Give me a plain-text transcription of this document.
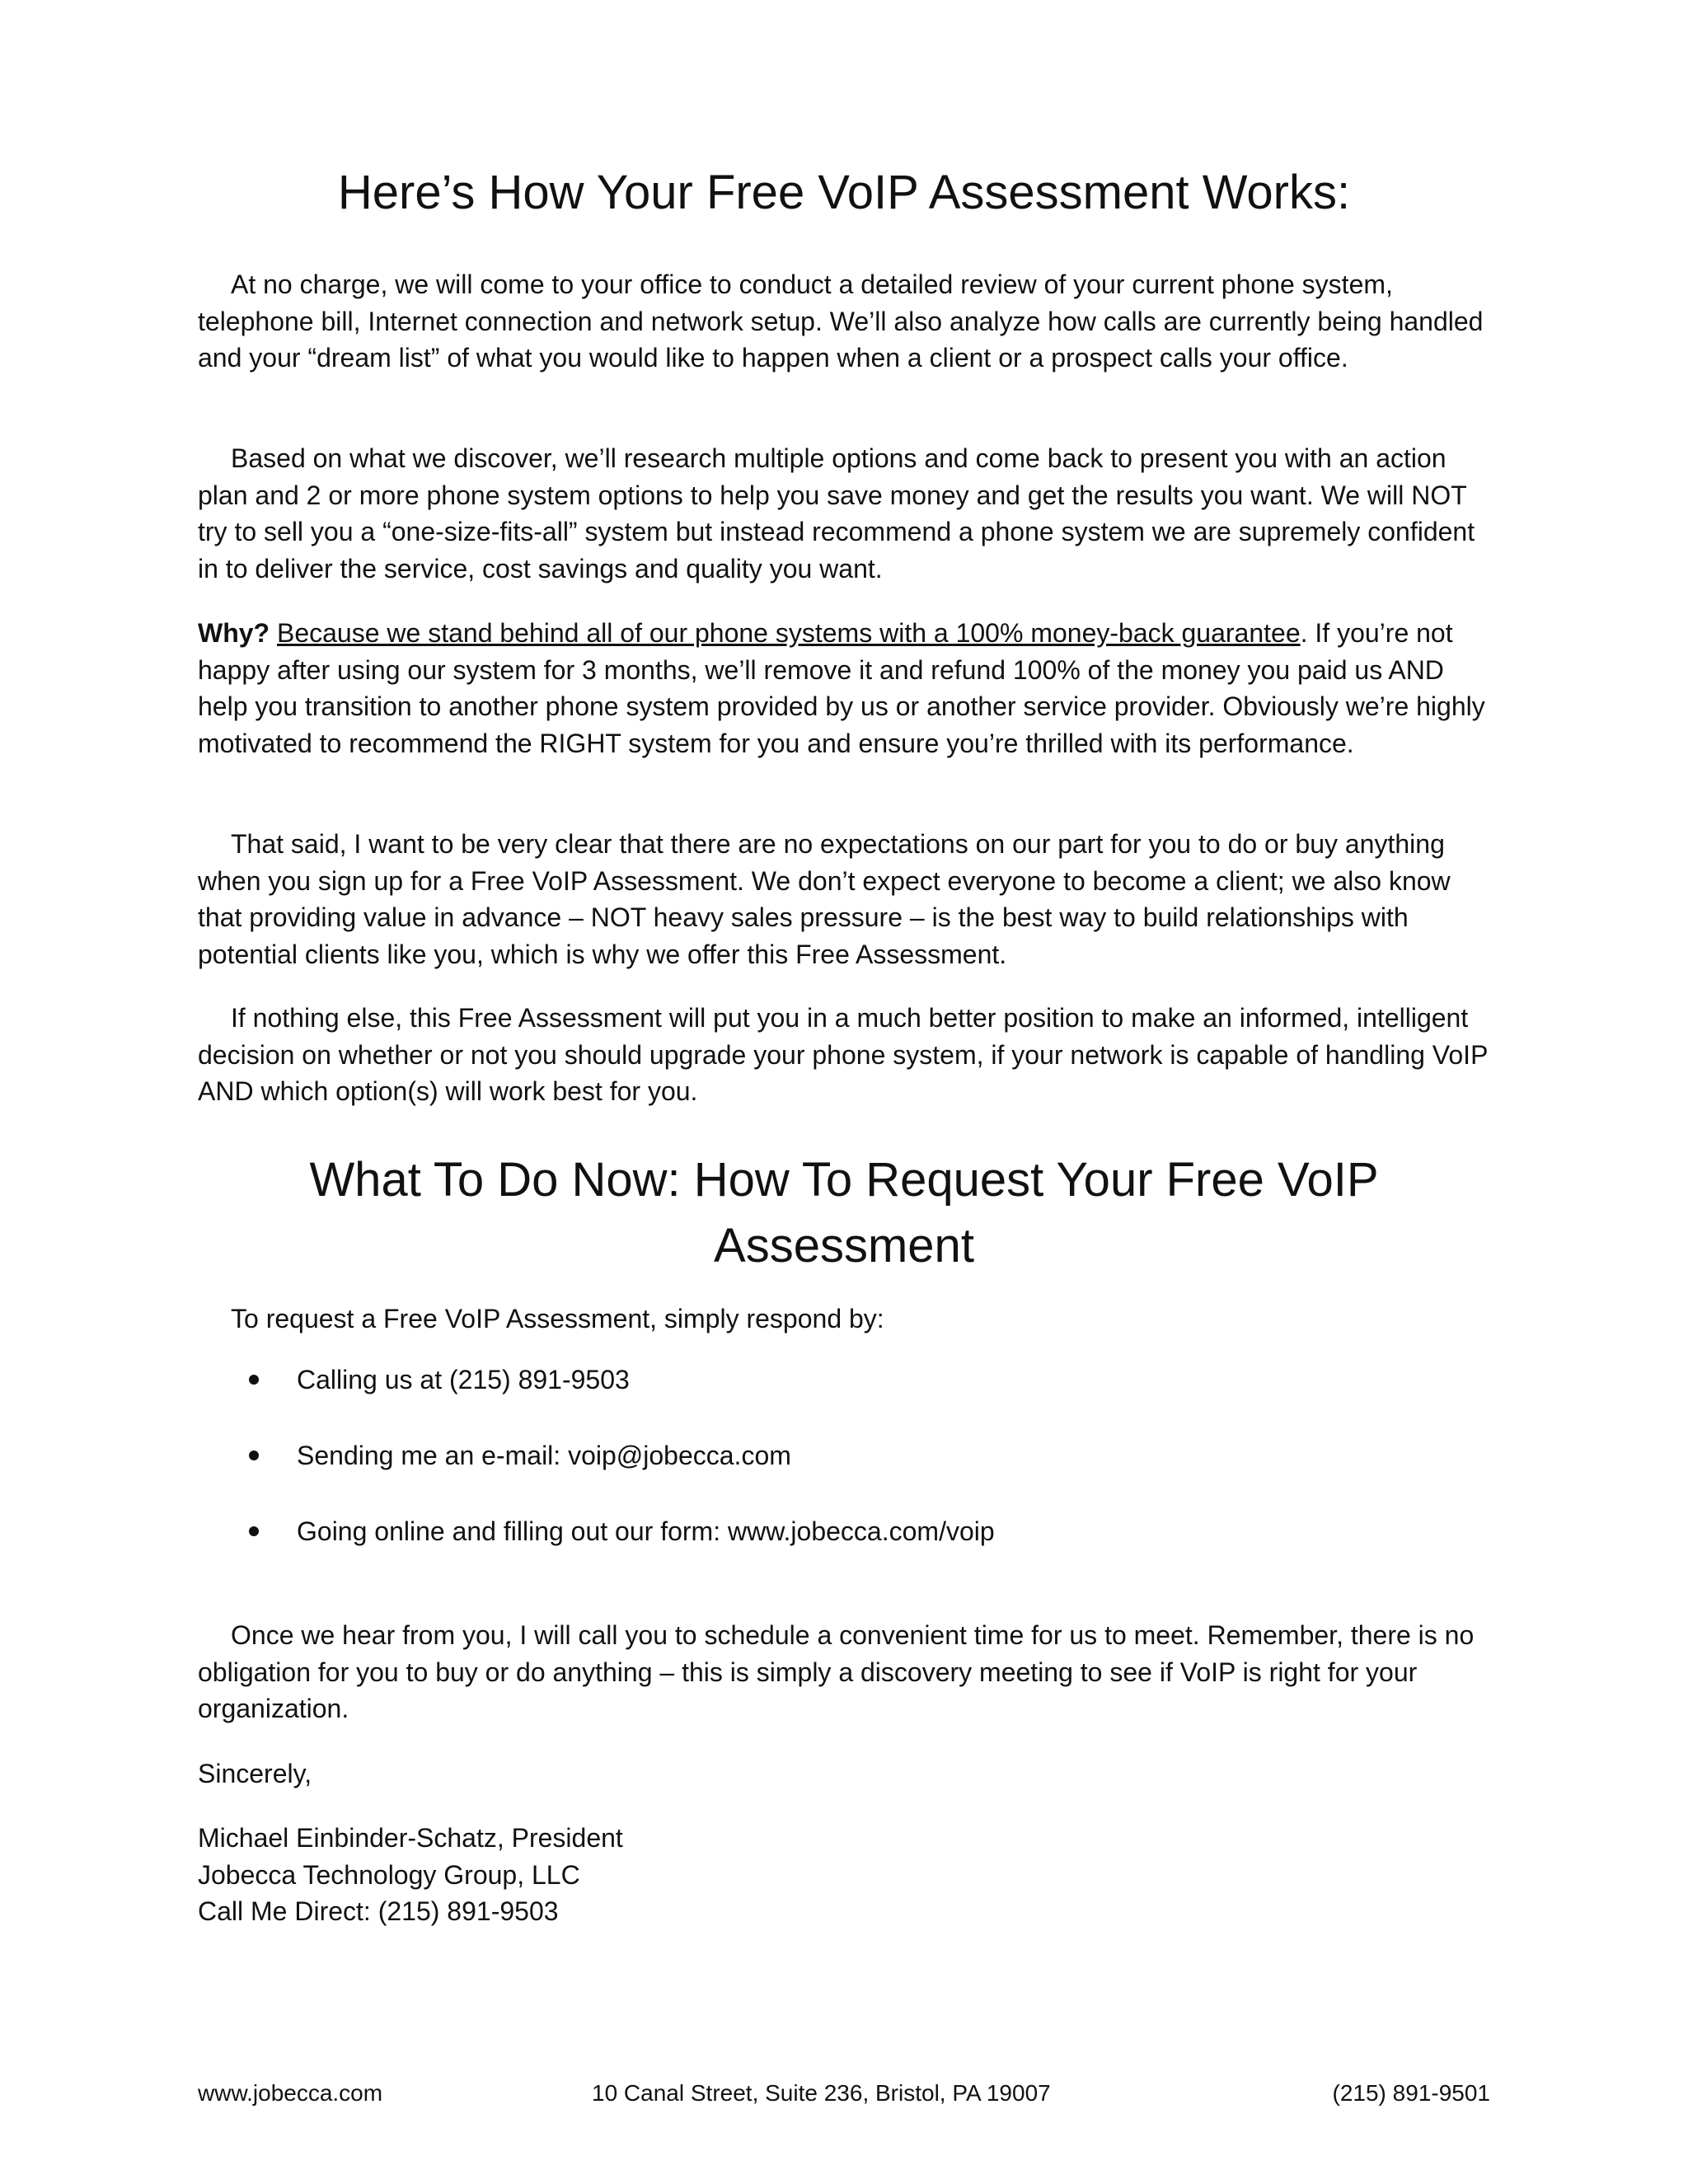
Here’s How Your Free VoIP Assessment Works:

At no charge, we will come to your office to conduct a detailed review of your current phone system, telephone bill, Internet connection and network setup. We’ll also analyze how calls are currently being handled and your “dream list” of what you would like to happen when a client or a prospect calls your office.

Based on what we discover, we’ll research multiple options and come back to present you with an action plan and 2 or more phone system options to help you save money and get the results you want. We will NOT try to sell you a “one-size-fits-all” system but instead recommend a phone system we are supremely confident in to deliver the service, cost savings and quality you want.

Why? Because we stand behind all of our phone systems with a 100% money-back guarantee. If you’re not happy after using our system for 3 months, we’ll remove it and refund 100% of the money you paid us AND help you transition to another phone system provided by us or another service provider. Obviously we’re highly motivated to recommend the RIGHT system for you and ensure you’re thrilled with its performance.

That said, I want to be very clear that there are no expectations on our part for you to do or buy anything when you sign up for a Free VoIP Assessment. We don’t expect everyone to become a client; we also know that providing value in advance – NOT heavy sales pressure – is the best way to build relationships with potential clients like you, which is why we offer this Free Assessment.

If nothing else, this Free Assessment will put you in a much better position to make an informed, intelligent decision on whether or not you should upgrade your phone system, if your network is capable of handling VoIP AND which option(s) will work best for you.

What To Do Now: How To Request Your Free VoIP
Assessment

To request a Free VoIP Assessment, simply respond by:

Calling us at (215) 891-9503
Sending me an e-mail: voip@jobecca.com
Going online and filling out our form: www.jobecca.com/voip

Once we hear from you, I will call you to schedule a convenient time for us to meet. Remember, there is no obligation for you to buy or do anything – this is simply a discovery meeting to see if VoIP is right for your organization.

Sincerely,

Michael Einbinder-Schatz, President
Jobecca Technology Group, LLC
Call Me Direct: (215) 891-9503
www.jobecca.com	10 Canal Street, Suite 236, Bristol, PA 19007	(215) 891-9501
